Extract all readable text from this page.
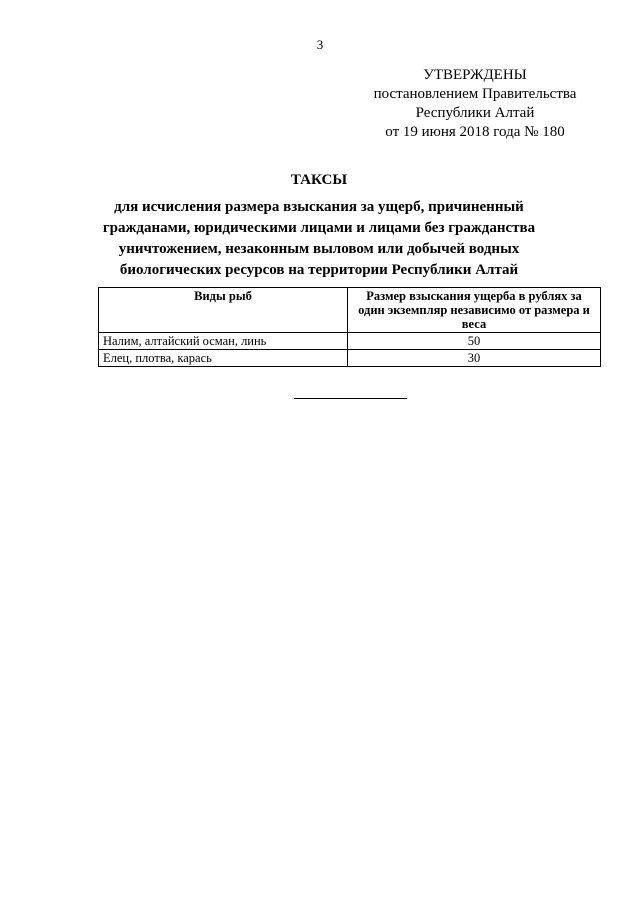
3
УТВЕРЖДЕНЫ
постановлением Правительства
Республики Алтай
от 19 июня 2018 года № 180
ТАКСЫ
для исчисления размера взыскания за ущерб, причиненный
гражданами, юридическими лицами и лицами без гражданства
уничтожением, незаконным выловом или добычей водных
биологических ресурсов на территории Республики Алтай
Виды рыб	Размер взыскания ущерба в рублях за один экземпляр независимо от размера и веса
Налим, алтайский осман, линь	50
Елец, плотва, карась	30
